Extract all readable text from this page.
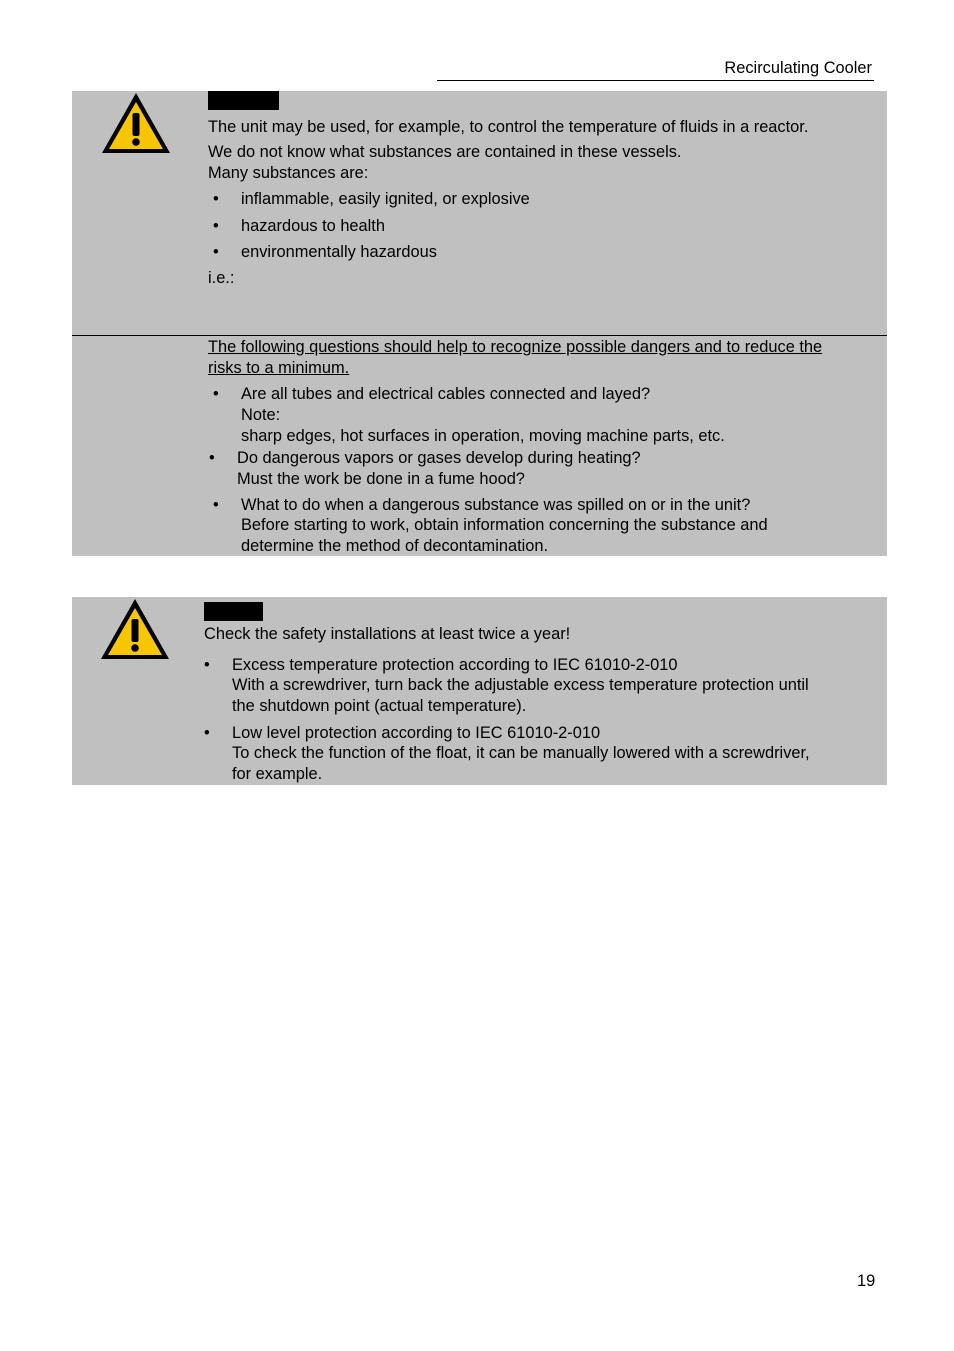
Recirculating Cooler
The unit may be used, for example, to control the temperature of fluids in a reactor.
We do not know what substances are contained in these vessels.
Many substances are:
• inflammable, easily ignited, or explosive
• hazardous to health
• environmentally hazardous
i.e.:
The following questions should help to recognize possible dangers and to reduce the
risks to a minimum.
• Are all tubes and electrical cables connected and layed?
Note:
sharp edges, hot surfaces in operation, moving machine parts, etc.
• Do dangerous vapors or gases develop during heating?
Must the work be done in a fume hood?
• What to do when a dangerous substance was spilled on or in the unit?
Before starting to work, obtain information concerning the substance and
determine the method of decontamination.
Check the safety installations at least twice a year!
• Excess temperature protection according to IEC 61010-2-010
With a screwdriver, turn back the adjustable excess temperature protection until
the shutdown point (actual temperature).
• Low level protection according to IEC 61010-2-010
To check the function of the float, it can be manually lowered with a screwdriver,
for example.
19
